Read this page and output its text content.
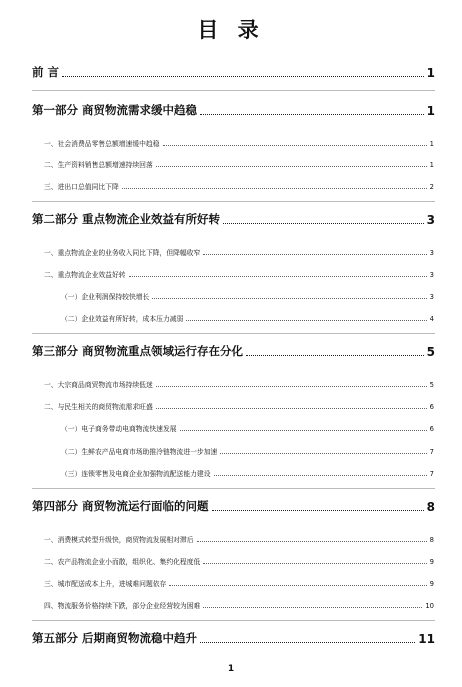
目 录
前 言	1
第一部分 商贸物流需求缓中趋稳	1
一、社会消费品零售总额增速缓中趋稳	1
二、生产资料销售总额增速持续回落	1
三、进出口总值同比下降	2
第二部分 重点物流企业效益有所好转	3
一、重点物流企业的业务收入同比下降，但降幅收窄	3
二、重点物流企业效益好转	3
（一）企业利润保持较快增长	3
（二）企业效益有所好转，成本压力减弱	4
第三部分 商贸物流重点领域运行存在分化	5
一、大宗商品商贸物流市场持续低迷	5
二、与民生相关的商贸物流需求旺盛	6
（一）电子商务带动电商物流快速发展	6
（二）生鲜农产品电商市场助推冷链物流进一步加速	7
（三）连锁零售及电商企业加强物流配送能力建设	7
第四部分 商贸物流运行面临的问题	8
一、消费模式转型升级快，商贸物流发展相对滞后	8
二、农产品物流企业小而散，组织化、集约化程度低	9
三、城市配送成本上升，进城难问题依存	9
四、物流服务价格持续下跌，部分企业经营较为困难	10
第五部分 后期商贸物流稳中趋升	11
1
